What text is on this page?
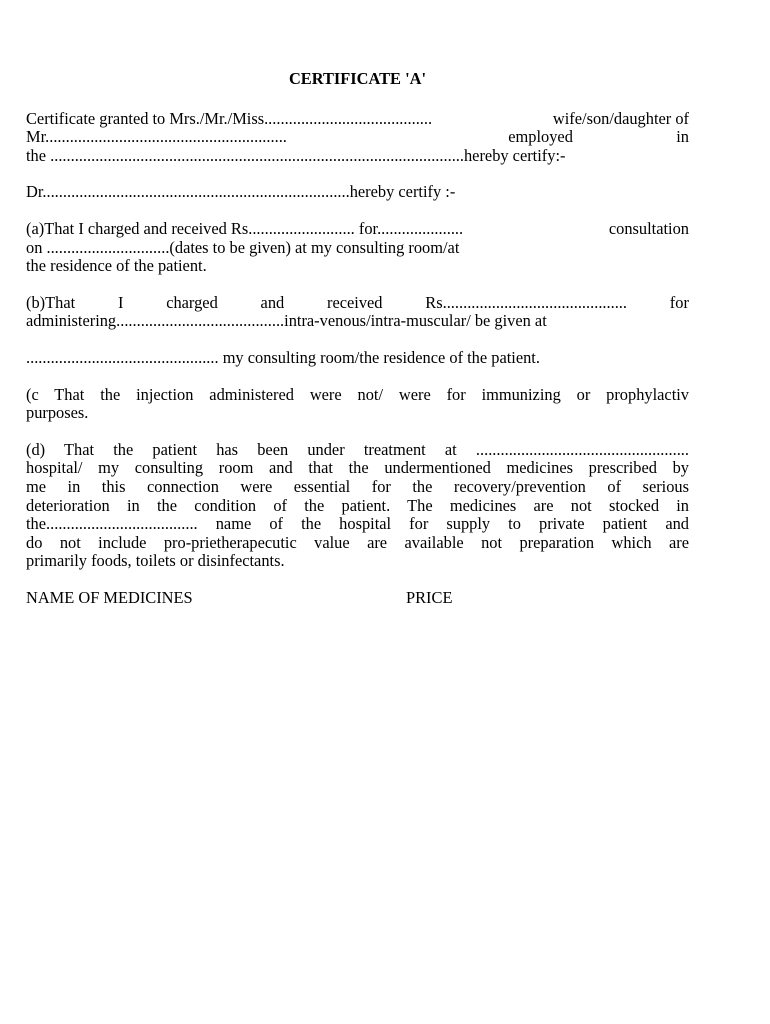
CERTIFICATE 'A'
Certificate granted to Mrs./Mr./Miss.........................................	wife/son/daughter of
Mr...........................................................	employed	in
the .....................................................................................................hereby certify:-
Dr...........................................................................hereby certify :-
(a)That I charged and received Rs.......................... for.....................	consultation
on ..............................(dates to be given) at my consulting room/at
the residence of the patient.
(b)That	I	charged	and	received	Rs.............................................	for
administering.........................................intra-venous/intra-muscular/ be given at
............................................... my consulting room/the residence of the patient.
(c That the injection administered were not/ were for immunizing or prophylactiv
purposes.
(d) That the patient has been under treatment at ....................................................
hospital/ my consulting room and that the undermentioned medicines prescribed by
me in this connection were essential for the recovery/prevention of serious
deterioration in the condition of the patient. The medicines are not stocked in
the..................................... name of the hospital for supply to private patient and
do not include pro-prietherapecutic value are available not preparation which are
primarily foods, toilets or disinfectants.
NAME OF MEDICINES	PRICE
